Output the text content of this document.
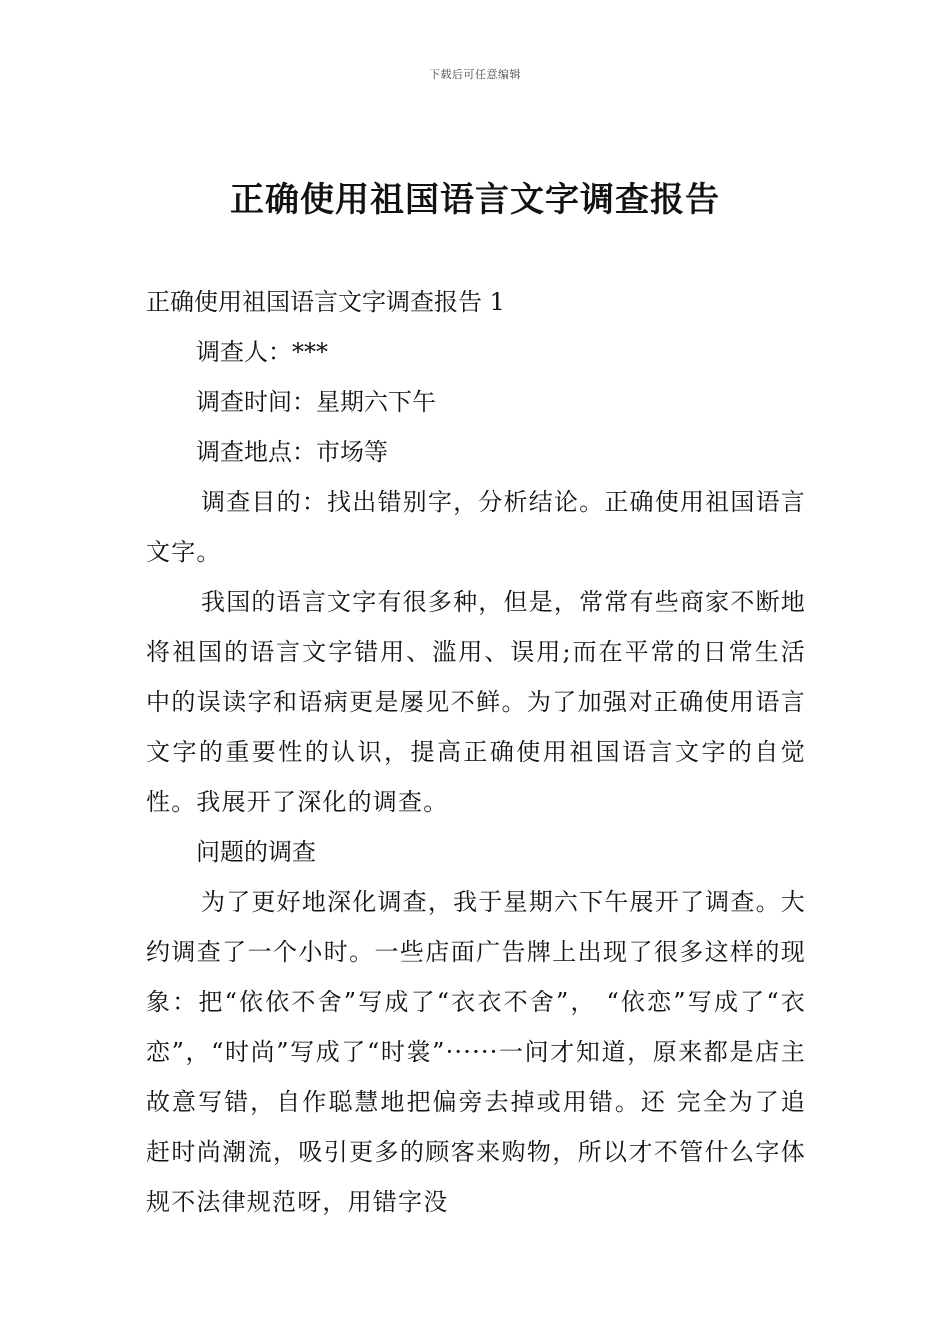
下载后可任意编辑
正确使用祖国语言文字调查报告

正确使用祖国语言文字调查报告 1

调查人：***

调查时间：星期六下午

调查地点：市场等

调查目的：找出错别字，分析结论。正确使用祖国语言文字。

我国的语言文字有很多种，但是，常常有些商家不断地将祖国的语言文字错用、滥用、误用;而在平常的日常生活中的误读字和语病更是屡见不鲜。为了加强对正确使用语言文字的重要性的认识，提高正确使用祖国语言文字的自觉性。我展开了深化的调查。

问题的调查

为了更好地深化调查，我于星期六下午展开了调查。大约调查了一个小时。一些店面广告牌上出现了很多这样的现象：把“依依不舍”写成了“衣衣不舍”， “依恋”写成了“衣恋”，“时尚”写成了“时裳”······一问才知道，原来都是店主故意写错，自作聪慧地把偏旁去掉或用错。还 完全为了追赶时尚潮流，吸引更多的顾客来购物，所以才不管什么字体规不法律规范呀，用错字没
